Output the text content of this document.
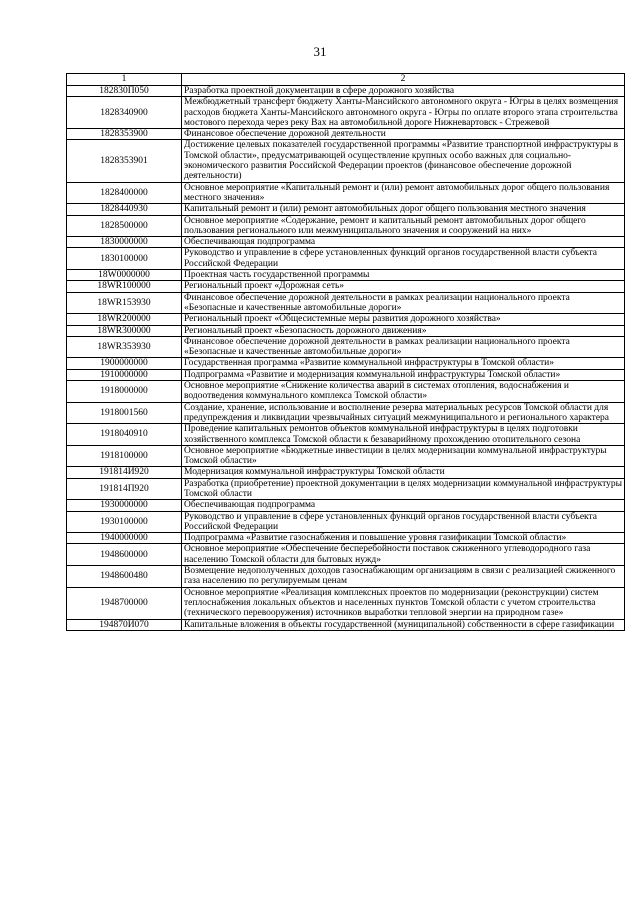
31
1	2
182830П050	Разработка проектной документации в сфере дорожного хозяйства
1828340900	Межбюджетный трансферт бюджету Ханты-Мансийского автономного округа - Югры в целях возмещения расходов бюджета Ханты-Мансийского автономного округа - Югры по оплате второго этапа строительства мостового перехода через реку Вах на автомобильной дороге Нижневартовск - Стрежевой
1828353900	Финансовое обеспечение дорожной деятельности
1828353901	Достижение целевых показателей государственной программы «Развитие транспортной инфраструктуры в Томской области», предусматривающей осуществление крупных особо важных для социально-экономического развития Российской Федерации проектов (финансовое обеспечение дорожной деятельности)
1828400000	Основное мероприятие «Капитальный ремонт и (или) ремонт автомобильных дорог общего пользования местного значения»
1828440930	Капитальный ремонт и (или) ремонт автомобильных дорог общего пользования местного значения
1828500000	Основное мероприятие «Содержание, ремонт и капитальный ремонт автомобильных дорог общего пользования регионального или межмуниципального значения и сооружений на них»
1830000000	Обеспечивающая подпрограмма
1830100000	Руководство и управление в сфере установленных функций органов государственной власти субъекта Российской Федерации
18W0000000	Проектная часть государственной программы
18WR100000	Региональный проект «Дорожная сеть»
18WR153930	Финансовое обеспечение дорожной деятельности в рамках реализации национального проекта «Безопасные и качественные автомобильные дороги»
18WR200000	Региональный проект «Общесистемные меры развития дорожного хозяйства»
18WR300000	Региональный проект «Безопасность дорожного движения»
18WR353930	Финансовое обеспечение дорожной деятельности в рамках реализации национального проекта «Безопасные и качественные автомобильные дороги»
1900000000	Государственная программа «Развитие коммунальной инфраструктуры в Томской области»
1910000000	Подпрограмма «Развитие и модернизация коммунальной инфраструктуры Томской области»
1918000000	Основное мероприятие «Снижение количества аварий в системах отопления, водоснабжения и водоотведения коммунального комплекса Томской области»
1918001560	Создание, хранение, использование и восполнение резерва материальных ресурсов Томской области для предупреждения и ликвидации чрезвычайных ситуаций межмуниципального и регионального характера
1918040910	Проведение капитальных ремонтов объектов коммунальной инфраструктуры в целях подготовки хозяйственного комплекса Томской области к безаварийному прохождению отопительного сезона
1918100000	Основное мероприятие «Бюджетные инвестиции в целях модернизации коммунальной инфраструктуры Томской области»
191814И920	Модернизация коммунальной инфраструктуры Томской области
191814П920	Разработка (приобретение) проектной документации в целях модернизации коммунальной инфраструктуры Томской области
1930000000	Обеспечивающая подпрограмма
1930100000	Руководство и управление в сфере установленных функций органов государственной власти субъекта Российской Федерации
1940000000	Подпрограмма «Развитие газоснабжения и повышение уровня газификации Томской области»
1948600000	Основное мероприятие «Обеспечение бесперебойности поставок сжиженного углеводородного газа населению Томской области для бытовых нужд»
1948600480	Возмещение недополученных доходов газоснабжающим организациям в связи с реализацией сжиженного газа населению по регулируемым ценам
1948700000	Основное мероприятие «Реализация комплексных проектов по модернизации (реконструкции) систем теплоснабжения локальных объектов и населенных пунктов Томской области с учетом строительства (технического перевооружения) источников выработки тепловой энергии на природном газе»
194870И070	Капитальные вложения в объекты государственной (муниципальной) собственности в сфере газификации
